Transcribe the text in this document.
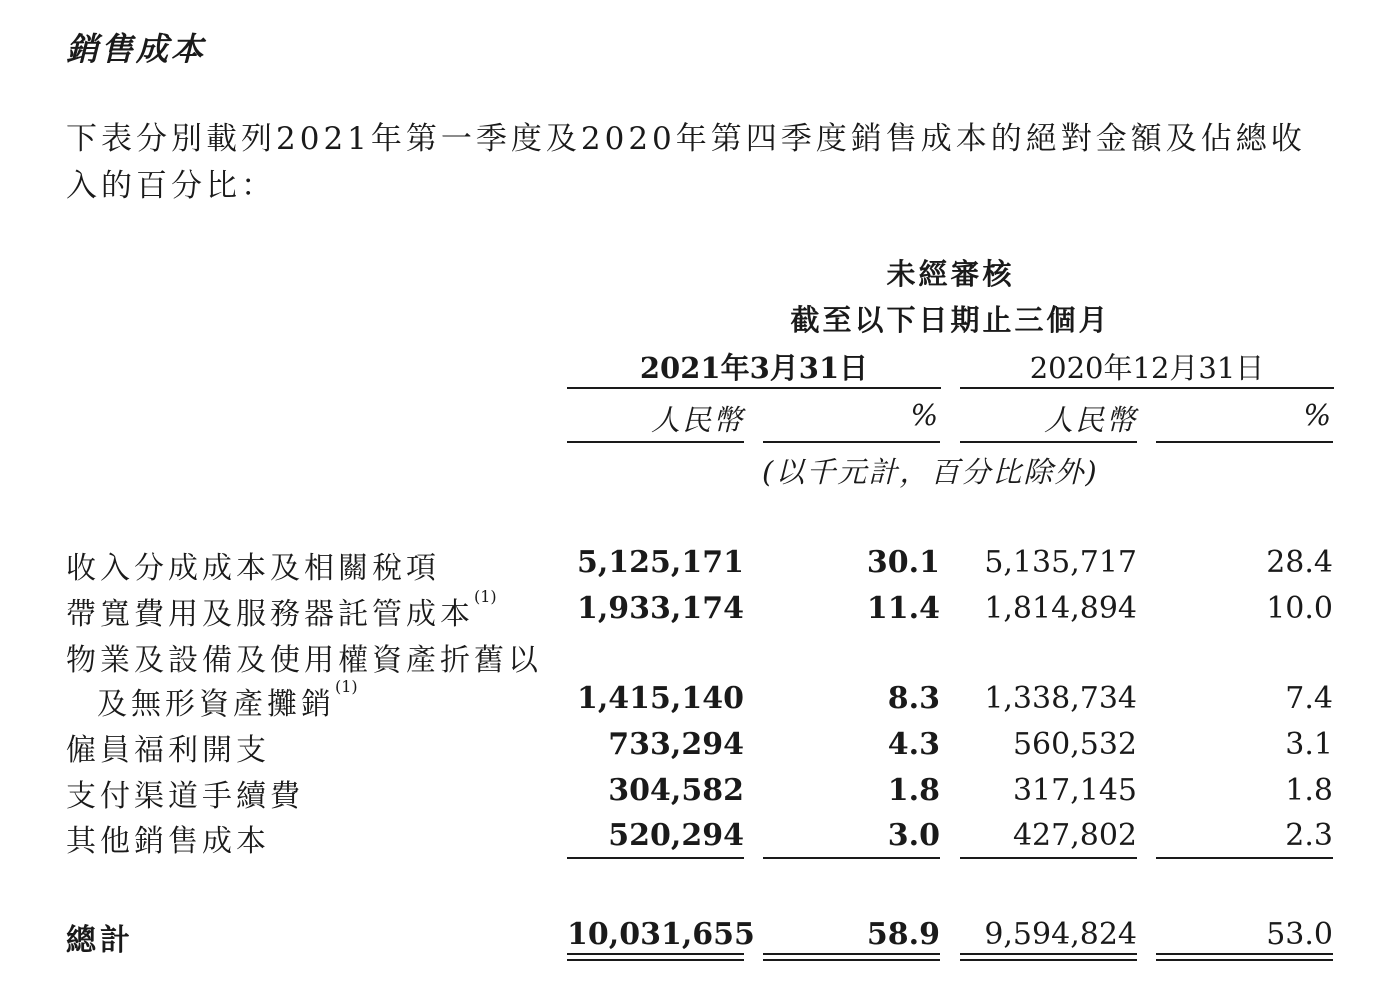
銷售成本
下表分別載列2021年第一季度及2020年第四季度銷售成本的絕對金額及佔總收
入的百分比：
未經審核
截至以下日期止三個月
2021年3月31日	2020年12月31日
人民幣	%	人民幣	%
(以千元計，百分比除外)
收入分成成本及相關稅項	5,125,171	30.1	5,135,717	28.4
帶寬費用及服務器託管成本$^{(1)}$	1,933,174	11.4	1,814,894	10.0
物業及設備及使用權資產折舊以
及無形資產攤銷$^{(1)}$	1,415,140	8.3	1,338,734	7.4
僱員福利開支	733,294	4.3	560,532	3.1
支付渠道手續費	304,582	1.8	317,145	1.8
其他銷售成本	520,294	3.0	427,802	2.3
總計	10,031,655	58.9	9,594,824	53.0
